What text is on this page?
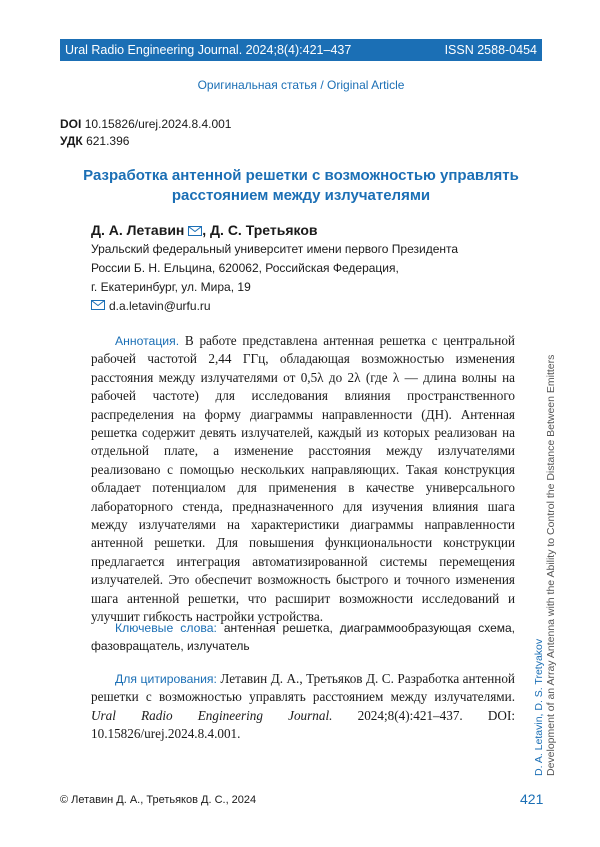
Ural Radio Engineering Journal. 2024;8(4):421–437	ISSN 2588-0454
Оригинальная статья / Original Article
DOI 10.15826/urej.2024.8.4.001
УДК 621.396
Разработка антенной решетки с возможностью управлять расстоянием между излучателями
Д. А. Летавин , Д. С. Третьяков
Уральский федеральный университет имени первого Президента
России Б. Н. Ельцина, 620062, Российская Федерация,
г. Екатеринбург, ул. Мира, 19
d.a.letavin@urfu.ru
Аннотация. В работе представлена антенная решетка с центральной рабочей частотой 2,44 ГГц, обладающая возможностью изменения расстояния между излучателями от 0,5λ до 2λ (где λ — длина волны на рабочей частоте) для исследования влияния пространственного распределения на форму диаграммы направленности (ДН). Антенная решетка содержит девять излучателей, каждый из которых реализован на отдельной плате, а изменение расстояния между излучателями реализовано с помощью нескольких направляющих. Такая конструкция обладает потенциалом для применения в качестве универсального лабораторного стенда, предназначенного для изучения влияния шага между излучателями на характеристики диаграммы направленности антенной решетки. Для повышения функциональности конструкции предлагается интеграция автоматизированной системы перемещения излучателей. Это обеспечит возможность быстрого и точного изменения шага антенной решетки, что расширит возможности исследований и улучшит гибкость настройки устройства.
Ключевые слова: антенная решетка, диаграммообразующая схема, фазовращатель, излучатель
Для цитирования: Летавин Д. А., Третьяков Д. С. Разработка антенной решетки с возможностью управлять расстоянием между излучателями. Ural Radio Engineering Journal. 2024;8(4):421–437. DOI: 10.15826/urej.2024.8.4.001.
© Летавин Д. А., Третьяков Д. С., 2024	421
D. A. Letavin, D. S. Tretyakov Development of an Array Antenna with the Ability to Control the Distance Between Emitters
